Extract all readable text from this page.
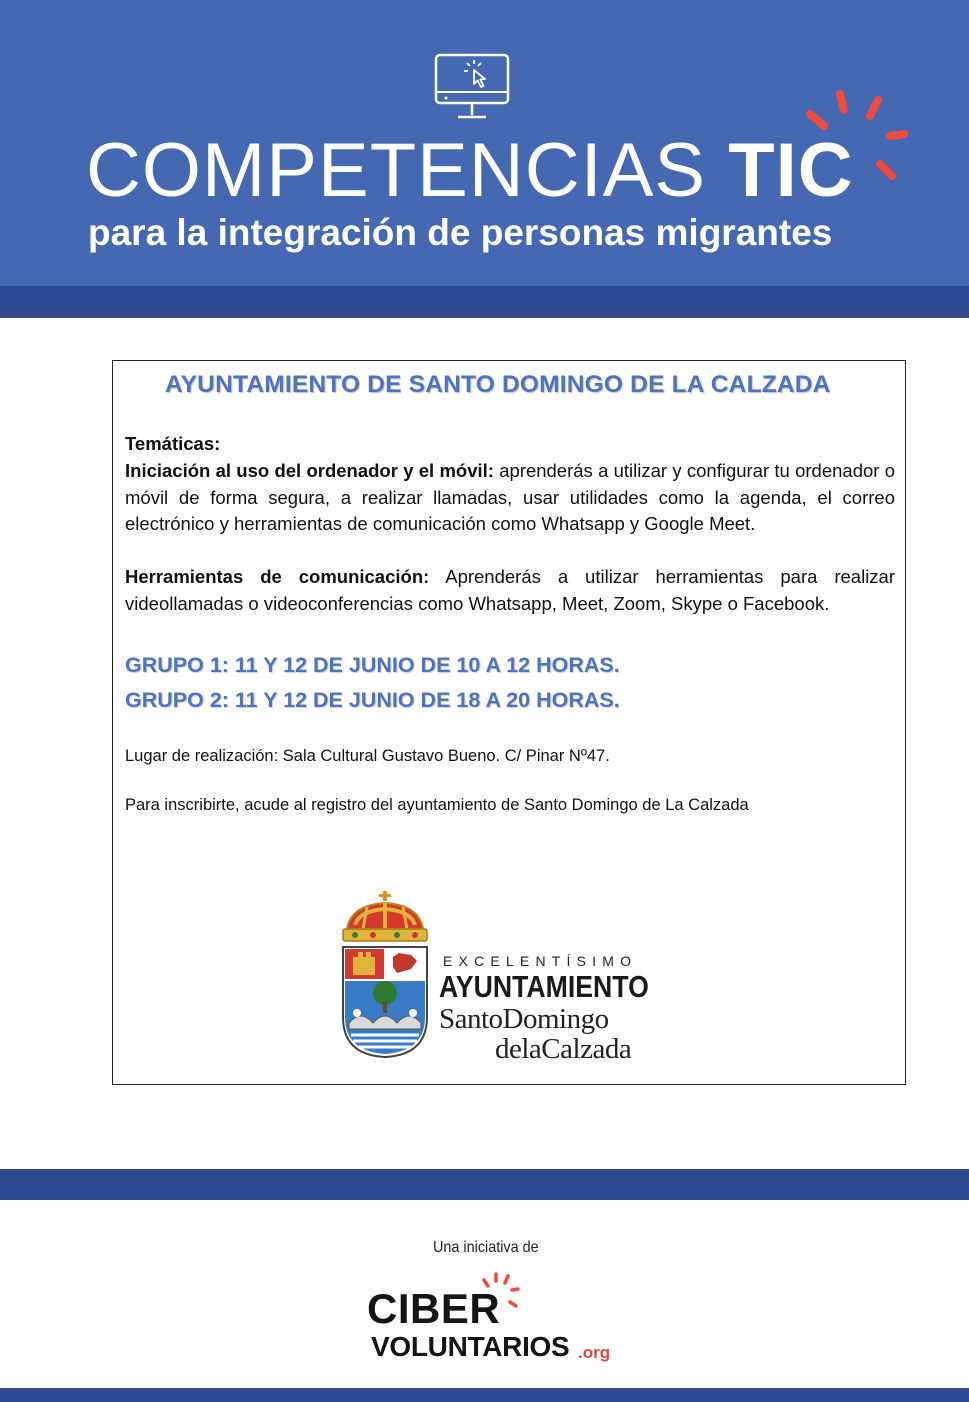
COMPETENCIAS TIC

para la integración de personas migrantes

AYUNTAMIENTO DE SANTO DOMINGO DE LA CALZADA
Temáticas:

Iniciación al uso del ordenador y el móvil: aprenderás a utilizar y configurar tu ordenador o móvil de forma segura, a realizar llamadas, usar utilidades como la agenda, el correo electrónico y herramientas de comunicación como Whatsapp y Google Meet.

Herramientas de comunicación: Aprenderás a utilizar herramientas para realizar videollamadas o videoconferencias como Whatsapp, Meet, Zoom, Skype o Facebook.

GRUPO 1: 11 Y 12 DE JUNIO DE 10 A 12 HORAS.

GRUPO 2: 11 Y 12 DE JUNIO DE 18 A 20 HORAS.

Lugar de realización: Sala Cultural Gustavo Bueno. C/ Pinar Nº47.

Para inscribirte, acude al registro del ayuntamiento de Santo Domingo de La Calzada

EXCELENTÍSIMO
AYUNTAMIENTO
SantoDomingo
delaCalzada
Una iniciativa de
CIBER
VOLUNTARIOS .org
